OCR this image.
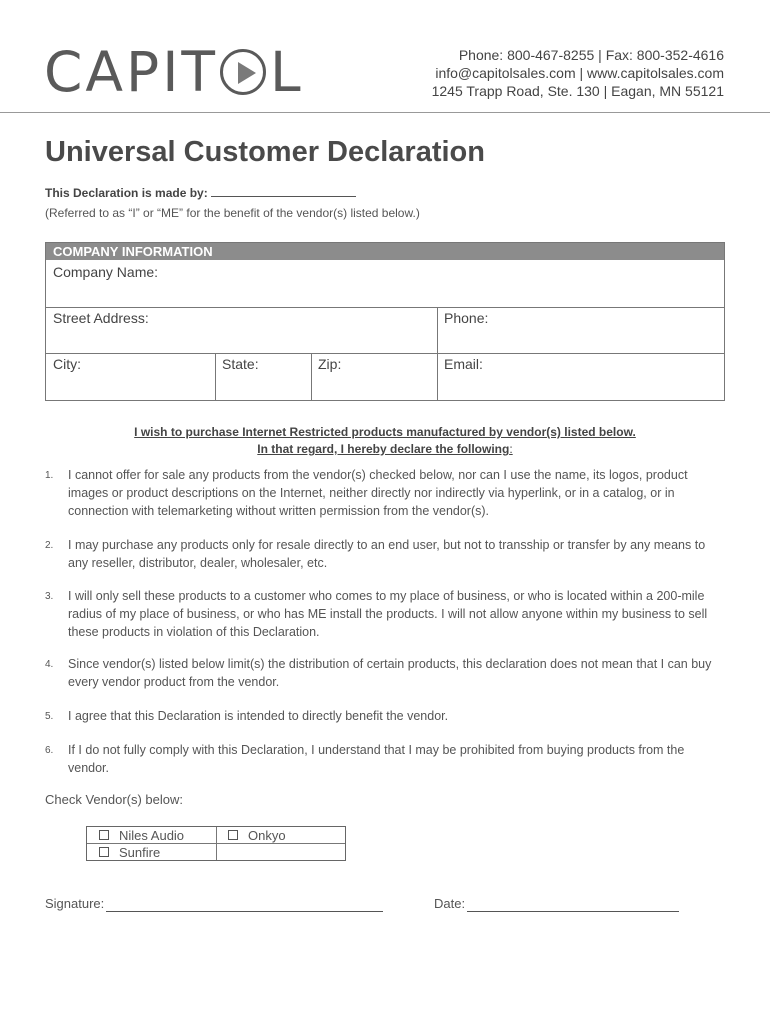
CAPIT L	Phone: 800-467-8255 | Fax: 800-352-4616
info@capitolsales.com | www.capitolsales.com
1245 Trapp Road, Ste. 130 | Eagan, MN 55121
Universal Customer Declaration
This Declaration is made by:
(Referred to as “I” or “ME” for the benefit of the vendor(s) listed below.)
COMPANY INFORMATION
Company Name:
Street Address:	Phone:
City:	State:	Zip:	Email:
I wish to purchase Internet Restricted products manufactured by vendor(s) listed below.
In that regard, I hereby declare the following:
1. I cannot offer for sale any products from the vendor(s) checked below, nor can I use the name, its logos, product images or product descriptions on the Internet, neither directly nor indirectly via hyperlink, or in a catalog, or in connection with telemarketing without written permission from the vendor(s).
2. I may purchase any products only for resale directly to an end user, but not to transship or transfer by any means to any reseller, distributor, dealer, wholesaler, etc.
3. I will only sell these products to a customer who comes to my place of business, or who is located within a 200-mile radius of my place of business, or who has ME install the products. I will not allow anyone within my business to sell these products in violation of this Declaration.
4. Since vendor(s) listed below limit(s) the distribution of certain products, this declaration does not mean that I can buy every vendor product from the vendor.
5. I agree that this Declaration is intended to directly benefit the vendor.
6. If I do not fully comply with this Declaration, I understand that I may be prohibited from buying products from the vendor.
Check Vendor(s) below:
Niles Audio	Onkyo
Sunfire
Signature:	Date:
